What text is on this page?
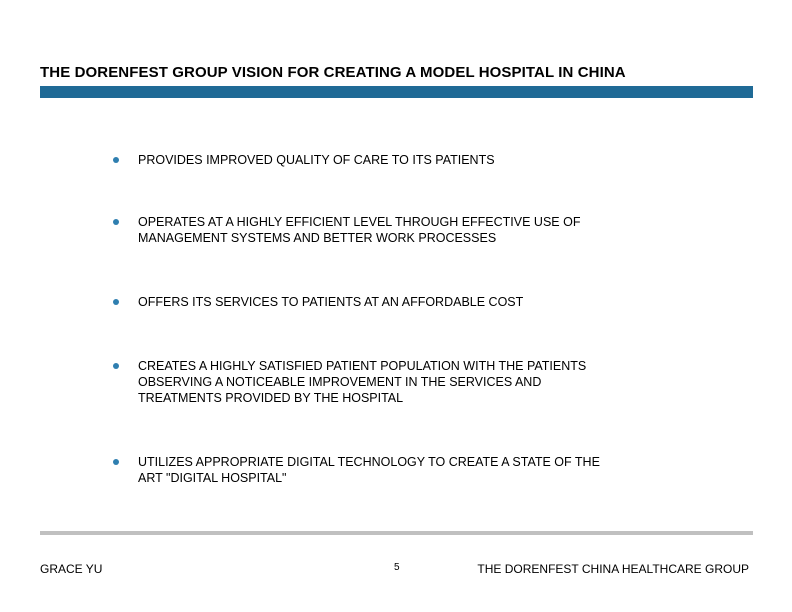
THE DORENFEST GROUP VISION FOR CREATING A MODEL HOSPITAL IN CHINA
PROVIDES IMPROVED QUALITY OF CARE TO ITS PATIENTS
OPERATES AT A HIGHLY EFFICIENT LEVEL THROUGH EFFECTIVE USE OF
MANAGEMENT SYSTEMS AND BETTER WORK PROCESSES
OFFERS ITS SERVICES TO PATIENTS AT AN AFFORDABLE COST
CREATES A HIGHLY SATISFIED PATIENT POPULATION WITH THE PATIENTS
OBSERVING A NOTICEABLE IMPROVEMENT IN THE SERVICES AND
TREATMENTS PROVIDED BY THE HOSPITAL
UTILIZES APPROPRIATE DIGITAL TECHNOLOGY TO CREATE A STATE OF THE
ART "DIGITAL HOSPITAL"
GRACE YU	5	THE DORENFEST CHINA HEALTHCARE GROUP
